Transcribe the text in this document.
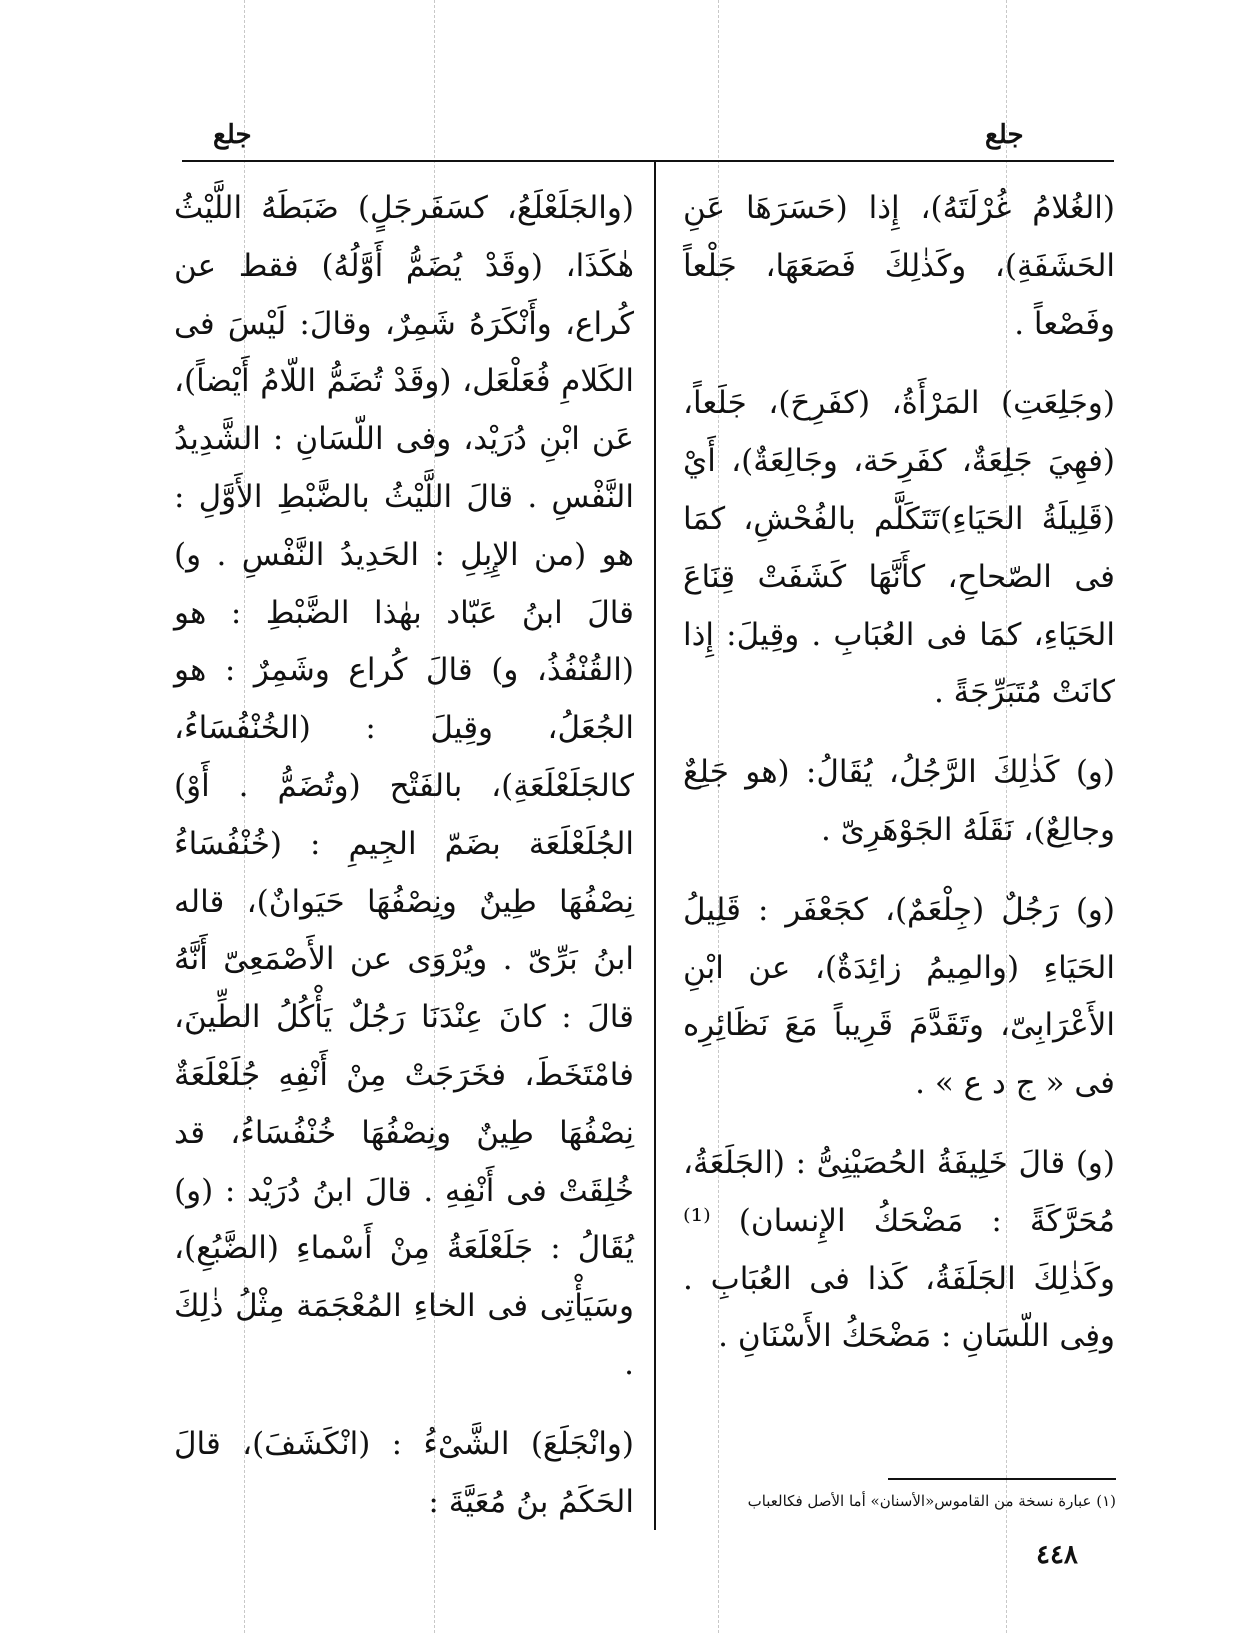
جلع
جلع

(الغُلامُ غُرْلَتَهُ)، إِذا (حَسَرَهَا عَنِ الحَشَفَةِ)، وكَذٰلِكَ فَصَعَهَا، جَلْعاً وفَصْعاً .

(وجَلِعَتِ) المَرْأَةُ، (كفَرِحَ)، جَلَعاً، (فهِيَ جَلِعَةٌ، كفَرِحَة، وجَالِعَةٌ)، أَيْ (قَلِيلَةُ الحَيَاءِ)تَتَكَلَّم بالفُحْشِ، كمَا فى الصّحاحِ، كأَنَّهَا كَشَفَتْ قِنَاعَ الحَيَاءِ، كمَا فى العُبَابِ . وقِيلَ: إِذا كانَتْ مُتَبَرِّجَةً .

(و) كَذٰلِكَ الرَّجُلُ، يُقَالُ: (هو جَلِعٌ وجالِعٌ)، نَقَلَهُ الجَوْهَرِىّ .

(و) رَجُلٌ (جِلْعَمٌ)، كجَعْفَر : قَلِيلُ الحَيَاءِ (والمِيمُ زائِدَةٌ)، عن ابْنِ الأَعْرَابِىّ، وتَقَدَّمَ قَرِيباً مَعَ نَظَائِرِه فى « ج د ع » .

(و) قالَ خَلِيفَةُ الحُصَيْنِىُّ : (الجَلَعَةُ، مُحَرَّكَةً : مَضْحَكُ الإِنسان) ⁽¹⁾ وكَذٰلِكَ الجَلَفَةُ، كَذا فى العُبَابِ . وفِى اللّسَانِ : مَضْحَكُ الأَسْنَانِ .

(والجَلَعْلَعُ، كسَفَرجَلٍ) ضَبَطَهُ اللَّيْثُ هٰكَذَا، (وقَدْ يُضَمُّ أَوَّلُهُ) فقط عن كُراع، وأَنْكَرَهُ شَمِرٌ، وقالَ: لَيْسَ فى الكَلامِ فُعَلْعَل، (وقَدْ تُضَمُّ اللّامُ أَيْضاً)، عَن ابْنِ دُرَيْد، وفى اللّسَانِ : الشَّدِيدُ النَّفْسِ . قالَ اللَّيْثُ بالضَّبْطِ الأَوَّلِ : هو (من الإِبِلِ : الحَدِيدُ النَّفْسِ . و) قالَ ابنُ عَبّاد بهٰذا الضَّبْطِ : هو (القُنْفُذُ، و) قالَ كُراع وشَمِرٌ : هو الجُعَلُ، وقِيلَ : (الخُنْفُسَاءُ، كالجَلَعْلَعَةِ)، بالفَتْح (وتُضَمُّ . أَوْ) الجُلَعْلَعَة بضَمّ الجِيمِ : (خُنْفُسَاءُ نِصْفُهَا طِينٌ ونِصْفُهَا حَيَوانٌ)، قاله ابنُ بَرِّىّ . ويُرْوَى عن الأَصْمَعِىّ أَنَّهُ قالَ : كانَ عِنْدَنَا رَجُلٌ يَأْكُلُ الطِّينَ، فامْتَخَطَ، فخَرَجَتْ مِنْ أَنْفِهِ جُلَعْلَعَةٌ نِصْفُهَا طِينٌ ونِصْفُهَا خُنْفُسَاءُ، قد خُلِقَتْ فى أَنْفِهِ . قالَ ابنُ دُرَيْد : (و) يُقَالُ : جَلَعْلَعَةُ مِنْ أَسْماءِ (الضَّبُعِ)، وسَيَأْتِى فى الخاءِ المُعْجَمَة مِثْلُ ذٰلِكَ .

(وانْجَلَعَ) الشَّىْءُ : (انْكَشَفَ)، قالَ الحَكَمُ بنُ مُعَيَّةَ :	(١) عبارة نسخة من القاموس«الأسنان» أما الأصل فكالعباب
٤٤٨
